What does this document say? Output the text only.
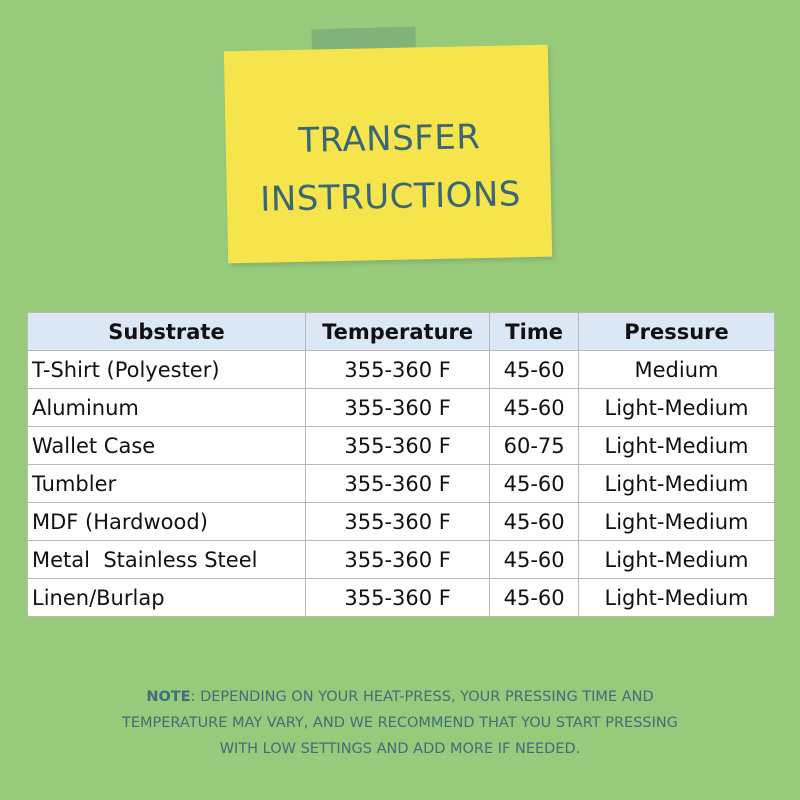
TRANSFER
INSTRUCTIONS
Substrate	Temperature	Time	Pressure
T-Shirt (Polyester)	355-360 F	45-60	Medium
Aluminum	355-360 F	45-60	Light-Medium
Wallet Case	355-360 F	60-75	Light-Medium
Tumbler	355-360 F	45-60	Light-Medium
MDF (Hardwood)	355-360 F	45-60	Light-Medium
Metal  Stainless Steel	355-360 F	45-60	Light-Medium
Linen/Burlap	355-360 F	45-60	Light-Medium
NOTE: DEPENDING ON YOUR HEAT-PRESS, YOUR PRESSING TIME AND
TEMPERATURE MAY VARY, AND WE RECOMMEND THAT YOU START PRESSING
WITH LOW SETTINGS AND ADD MORE IF NEEDED.
